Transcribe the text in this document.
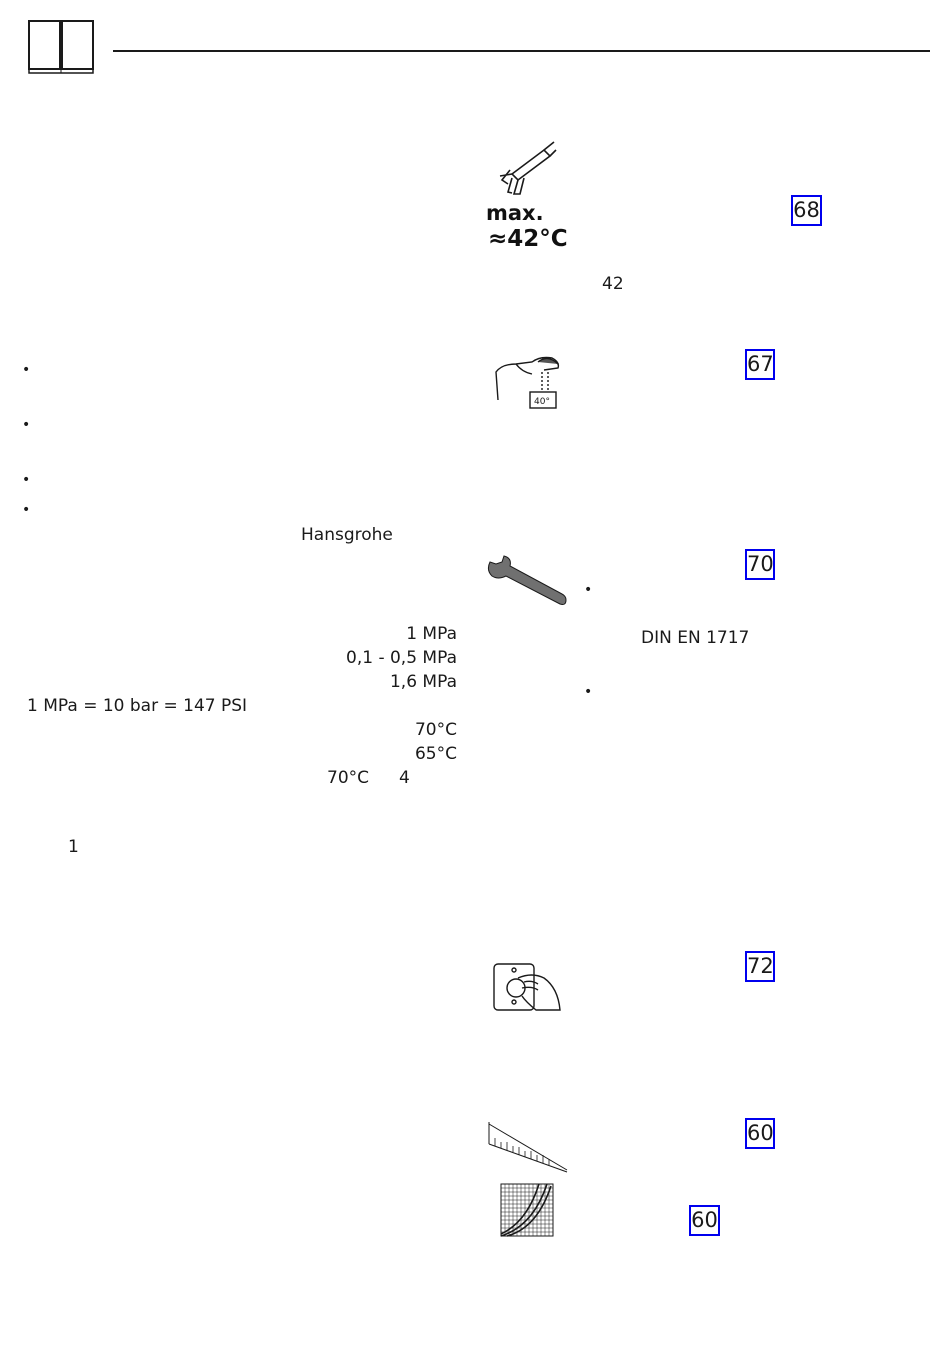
•
•
•
•
Hansgrohe
1 MPa
0,1 - 0,5 MPa
1,6 MPa
1 MPa = 10 bar = 147 PSI
70°C
65°C
70°C 4
1
max.
≈42°C
42
68
40°
67
70
•
DIN EN 1717
•
72
60
60
